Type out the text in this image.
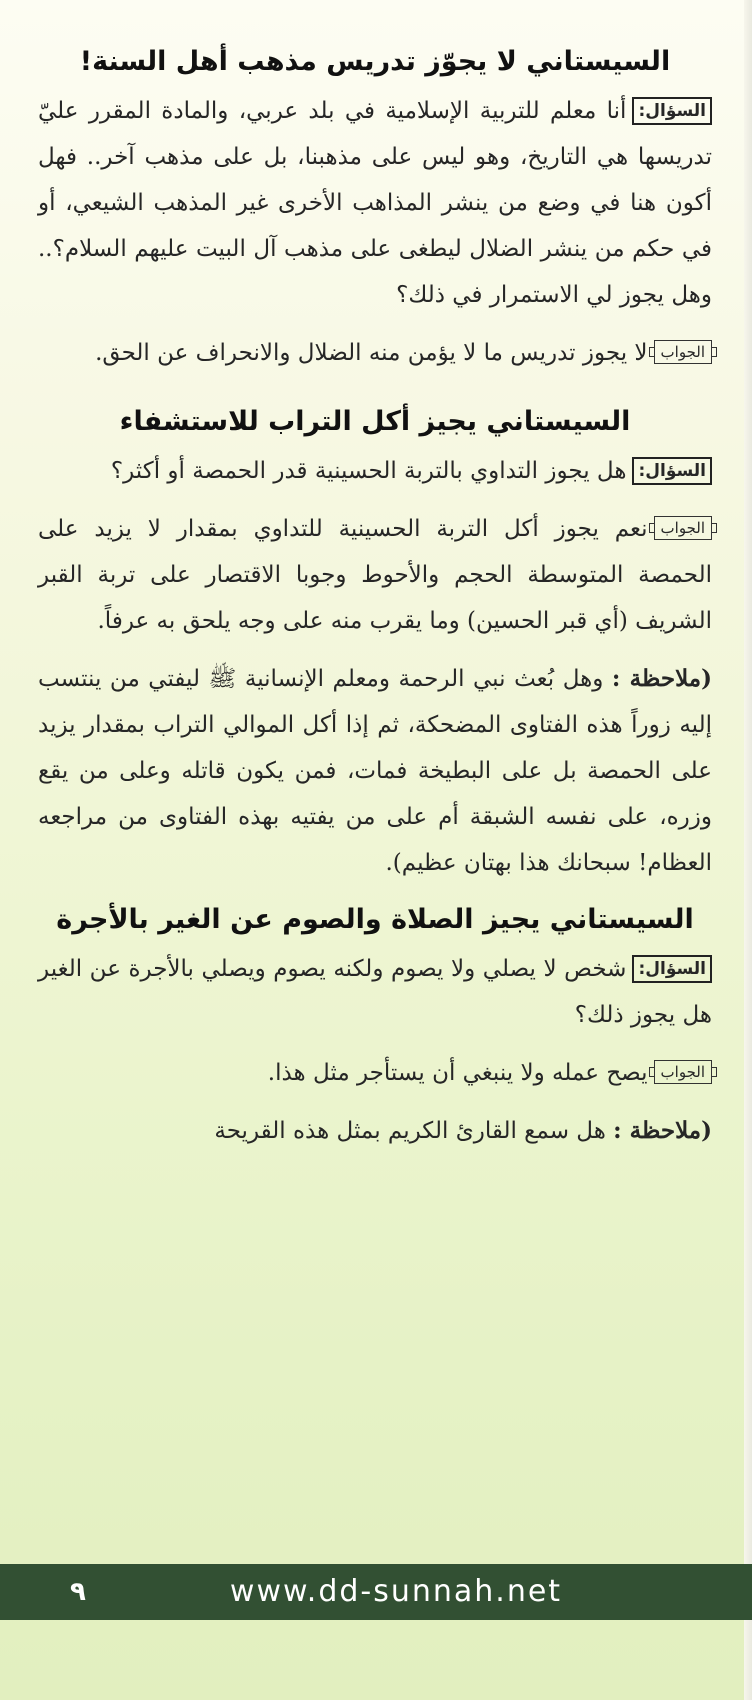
السيستاني لا يجوّز تدريس مذهب أهل السنة!

السؤال:أنا معلم للتربية الإسلامية في بلد عربي، والمادة المقرر عليّ تدريسها هي التاريخ، وهو ليس على مذهبنا، بل على مذهب آخر.. فهل أكون هنا في وضع من ينشر المذاهب الأخرى غير المذهب الشيعي، أو في حكم من ينشر الضلال ليطغى على مذهب آل البيت عليهم السلام؟.. وهل يجوز لي الاستمرار في ذلك؟

الجوابلا يجوز تدريس ما لا يؤمن منه الضلال والانحراف عن الحق.

السيستاني يجيز أكل التراب للاستشفاء

السؤال:هل يجوز التداوي بالتربة الحسينية قدر الحمصة أو أكثر؟

الجوابنعم يجوز أكل التربة الحسينية للتداوي بمقدار لا يزيد على الحمصة المتوسطة الحجم والأحوط وجوبا الاقتصار على تربة القبر الشريف (أي قبر الحسين) وما يقرب منه على وجه يلحق به عرفاً.

(ملاحظة : وهل بُعث نبي الرحمة ومعلم الإنسانية ﷺ ليفتي من ينتسب إليه زوراً هذه الفتاوى المضحكة، ثم إذا أكل الموالي التراب بمقدار يزيد على الحمصة بل على البطيخة فمات، فمن يكون قاتله وعلى من يقع وزره، على نفسه الشبقة أم على من يفتيه بهذه الفتاوى من مراجعه العظام! سبحانك هذا بهتان عظيم).

السيستاني يجيز الصلاة والصوم عن الغير بالأجرة

السؤال:شخص لا يصلي ولا يصوم ولكنه يصوم ويصلي بالأجرة عن الغير هل يجوز ذلك؟

الجوابيصح عمله ولا ينبغي أن يستأجر مثل هذا.

(ملاحظة : هل سمع القارئ الكريم بمثل هذه القريحة

٩	www.dd-sunnah.net
